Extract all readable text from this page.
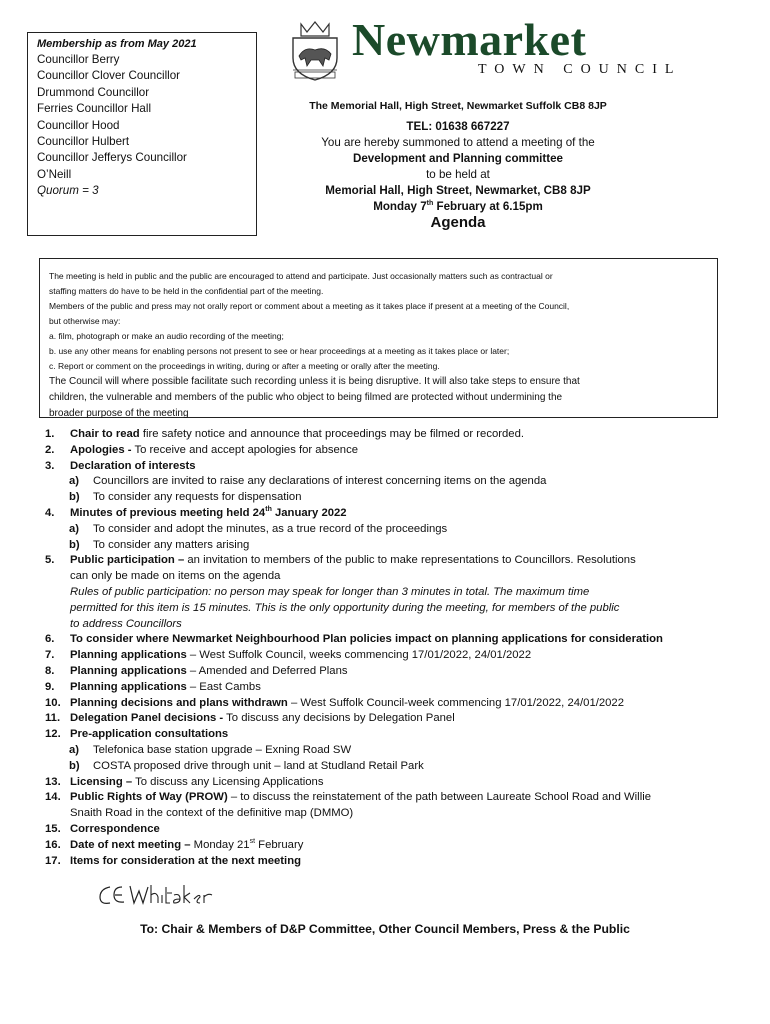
Membership as from May 2021
Councillor Berry
Councillor Clover Councillor
Drummond Councillor
Ferries Councillor Hall
Councillor Hood
Councillor Hulbert
Councillor Jefferys Councillor
O’Neill
Quorum = 3
Newmarket
TOWN COUNCIL
The Memorial Hall, High Street, Newmarket Suffolk CB8 8JP
TEL: 01638 667227
You are hereby summoned to attend a meeting of the
Development and Planning committee
to be held at
Memorial Hall, High Street, Newmarket, CB8 8JP
Monday 7th February at 6.15pm
Agenda
The meeting is held in public and the public are encouraged to attend and participate. Just occasionally matters such as contractual or
staffing matters do have to be held in the confidential part of the meeting.
Members of the public and press may not orally report or comment about a meeting as it takes place if present at a meeting of the Council,
but otherwise may:
a. film, photograph or make an audio recording of the meeting;
b. use any other means for enabling persons not present to see or hear proceedings at a meeting as it takes place or later;
c. Report or comment on the proceedings in writing, during or after a meeting or orally after the meeting.
The Council will where possible facilitate such recording unless it is being disruptive. It will also take steps to ensure that
children, the vulnerable and members of the public who object to being filmed are protected without undermining the
broader purpose of the meeting
1.	Chair to read fire safety notice and announce that proceedings may be filmed or recorded.
2.	Apologies - To receive and accept apologies for absence
3.	Declaration of interests
a)	Councillors are invited to raise any declarations of interest concerning items on the agenda
b)	To consider any requests for dispensation
4.	Minutes of previous meeting held 24th January 2022
a)	To consider and adopt the minutes, as a true record of the proceedings
b)	To consider any matters arising
5.	Public participation – an invitation to members of the public to make representations to Councillors. Resolutions
can only be made on items on the agenda
Rules of public participation: no person may speak for longer than 3 minutes in total. The maximum time
permitted for this item is 15 minutes. This is the only opportunity during the meeting, for members of the public
to address Councillors
6.	To consider where Newmarket Neighbourhood Plan policies impact on planning applications for consideration
7.	Planning applications – West Suffolk Council, weeks commencing 17/01/2022, 24/01/2022
8.	Planning applications – Amended and Deferred Plans
9.	Planning applications – East Cambs
10. Planning decisions and plans withdrawn – West Suffolk Council-week commencing 17/01/2022, 24/01/2022
11. Delegation Panel decisions - To discuss any decisions by Delegation Panel
12. Pre-application consultations
a)	Telefonica base station upgrade – Exning Road SW
b)	COSTA proposed drive through unit – land at Studland Retail Park
13. Licensing – To discuss any Licensing Applications
14. Public Rights of Way (PROW) – to discuss the reinstatement of the path between Laureate School Road and Willie
Snaith Road in the context of the definitive map (DMMO)
15. Correspondence
16. Date of next meeting – Monday 21st February
17. Items for consideration at the next meeting
To: Chair & Members of D&P Committee, Other Council Members, Press & the Public
